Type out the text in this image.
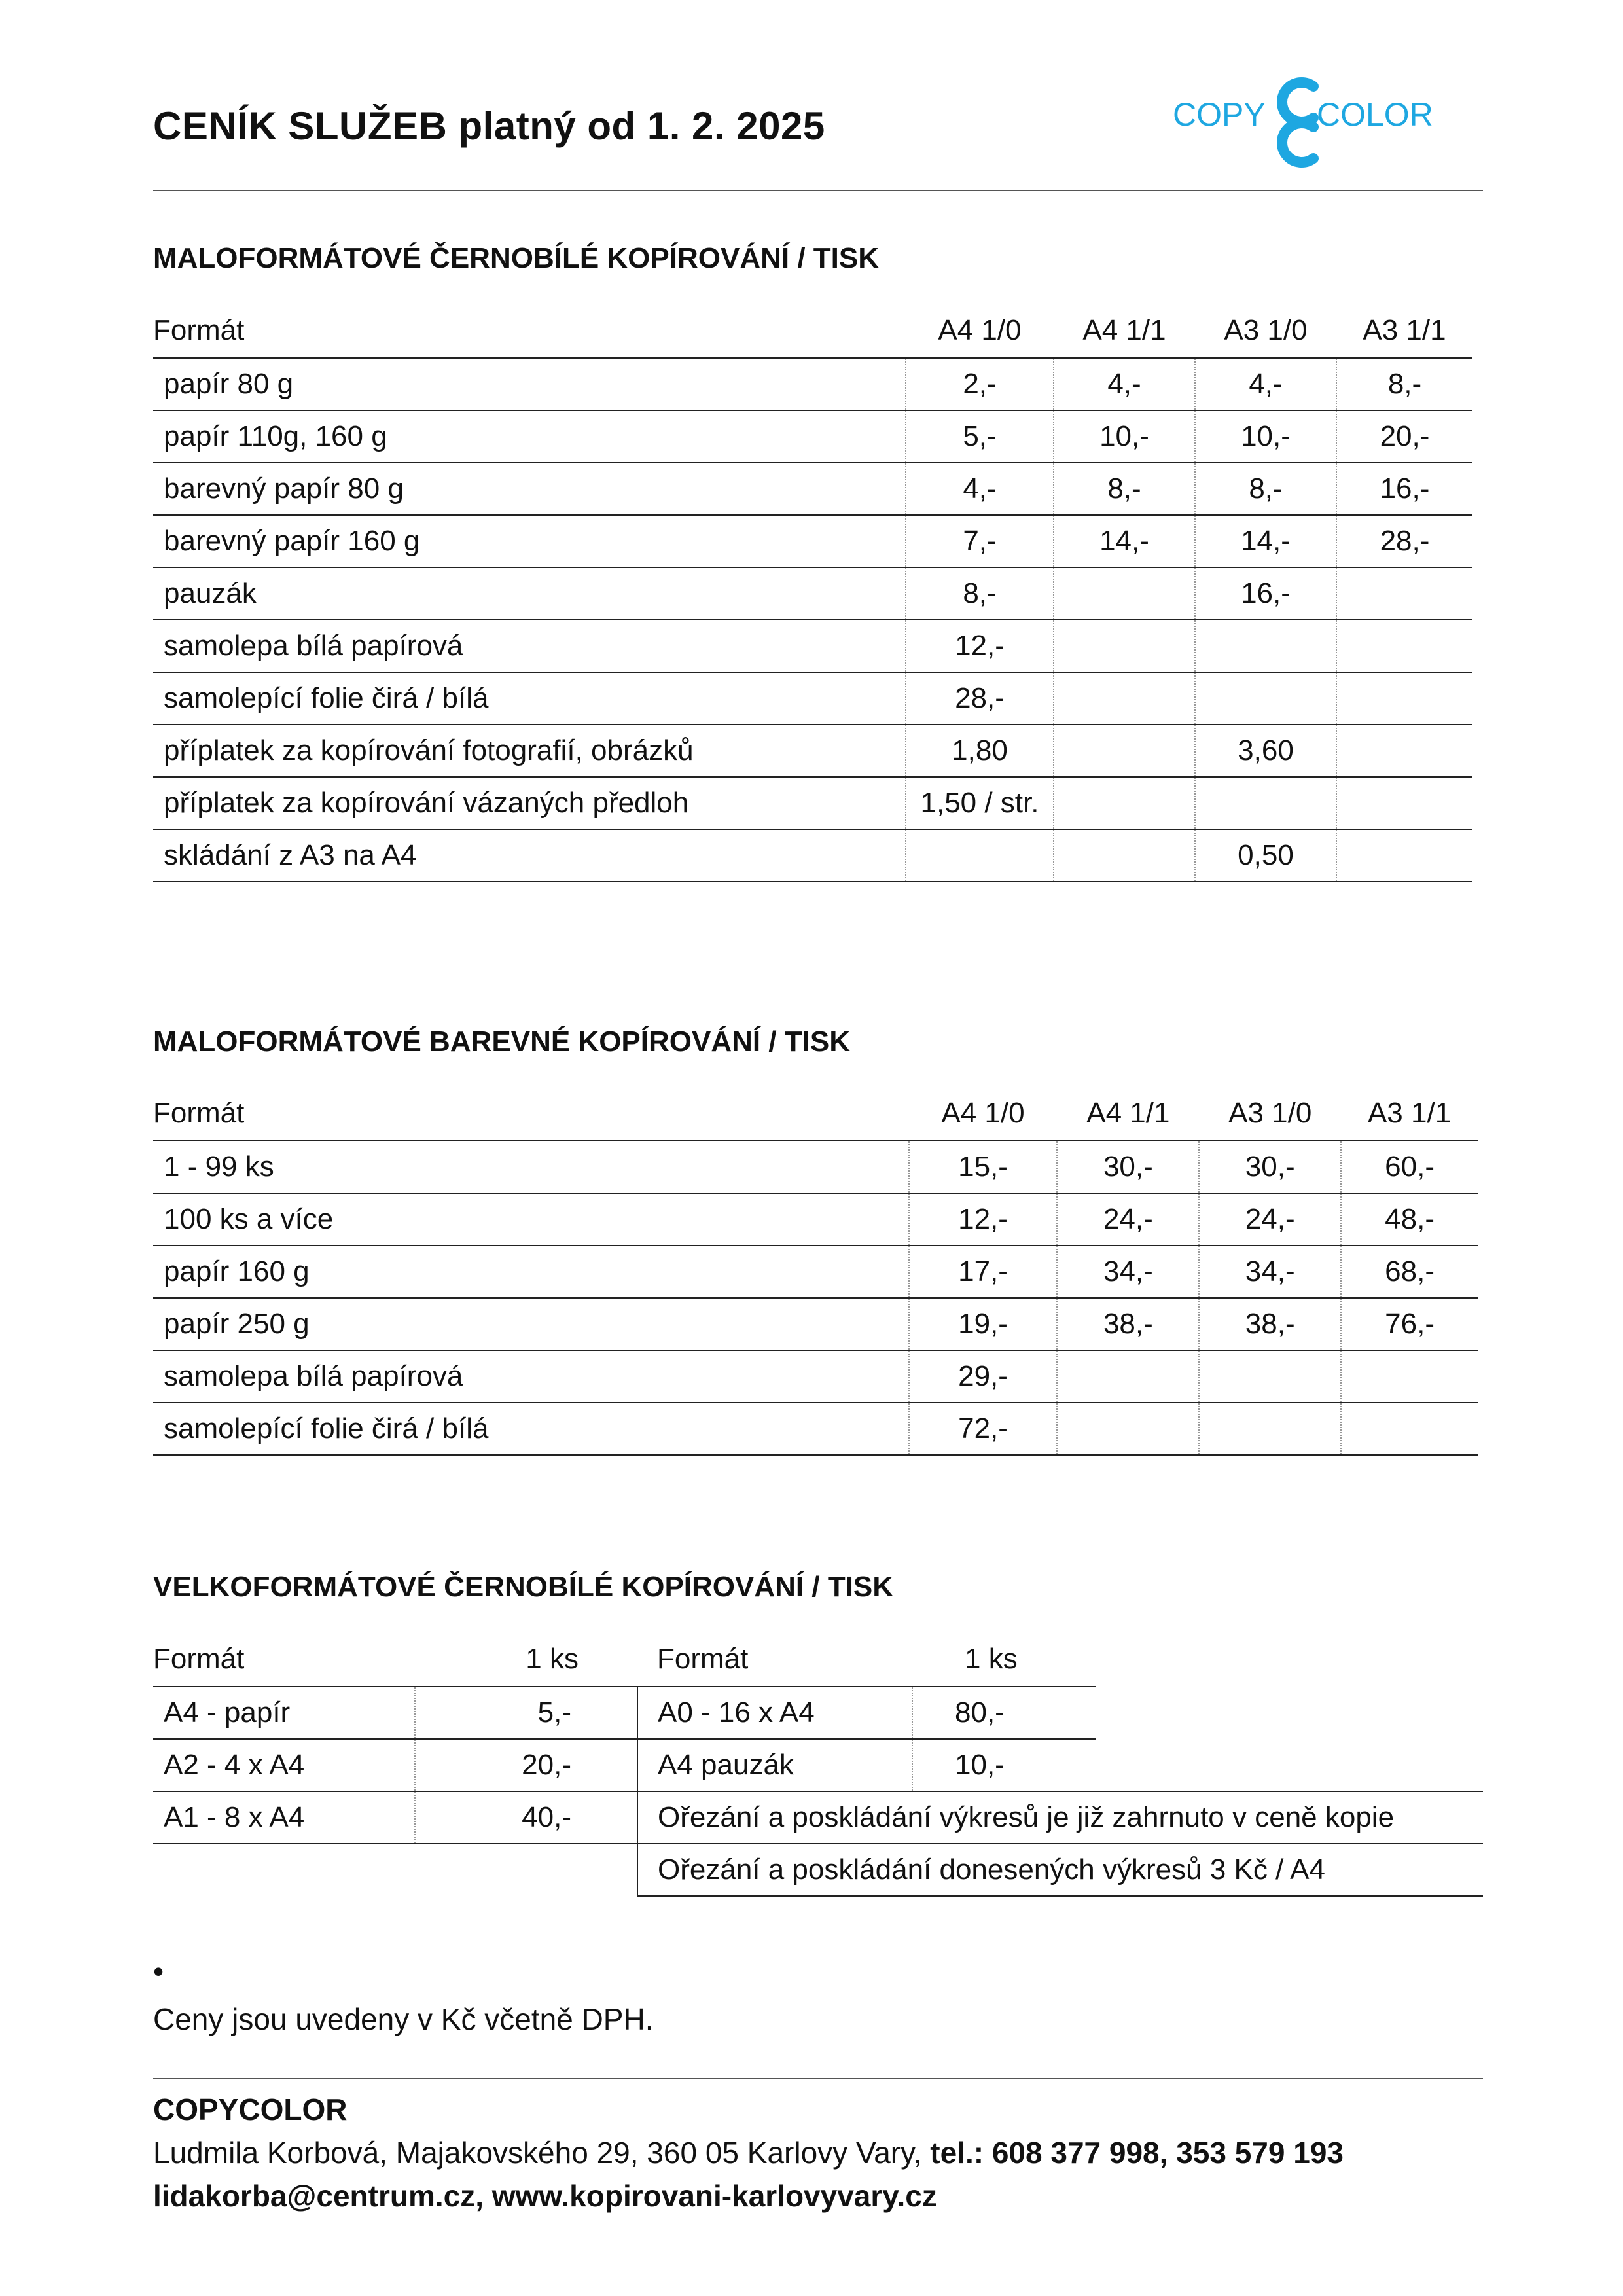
CENÍK SLUŽEB platný od 1. 2. 2025	COPY COLOR
MALOFORMÁTOVÉ ČERNOBÍLÉ KOPÍROVÁNÍ / TISK
Formát	A4 1/0	A4 1/1	A3 1/0	A3 1/1
papír 80 g	2,-	4,-	4,-	8,-
papír 110g, 160 g	5,-	10,-	10,-	20,-
barevný papír 80 g	4,-	8,-	8,-	16,-
barevný papír 160 g	7,-	14,-	14,-	28,-
pauzák	8,-		16,-	
samolepa bílá papírová	12,-			
samolepící folie čirá / bílá	28,-			
příplatek za kopírování fotografií, obrázků	1,80		3,60	
příplatek za kopírování vázaných předloh	1,50 / str.			
skládání z A3 na A4			0,50	
MALOFORMÁTOVÉ BAREVNÉ KOPÍROVÁNÍ / TISK
Formát	A4 1/0	A4 1/1	A3 1/0	A3 1/1
1 - 99 ks	15,-	30,-	30,-	60,-
100 ks a více	12,-	24,-	24,-	48,-
papír 160 g	17,-	34,-	34,-	68,-
papír 250 g	19,-	38,-	38,-	76,-
samolepa bílá papírová	29,-			
samolepící folie čirá / bílá	72,-			
VELKOFORMÁTOVÉ ČERNOBÍLÉ KOPÍROVÁNÍ / TISK
Formát	1 ks	Formát	1 ks	
A4 - papír	5,-	A0 - 16 x A4	80,-	
A2 - 4 x A4	20,-	A4 pauzák	10,-	
A1 - 8 x A4	40,-	Ořezání a poskládání výkresů je již zahrnuto v ceně kopie		
		Ořezání a poskládání donesených výkresů 3 Kč / A4		
•
Ceny jsou uvedeny v Kč včetně DPH.
COPYCOLOR
Ludmila Korbová, Majakovského 29, 360 05 Karlovy Vary, tel.: 608 377 998, 353 579 193
lidakorba@centrum.cz, www.kopirovani-karlovyvary.cz
